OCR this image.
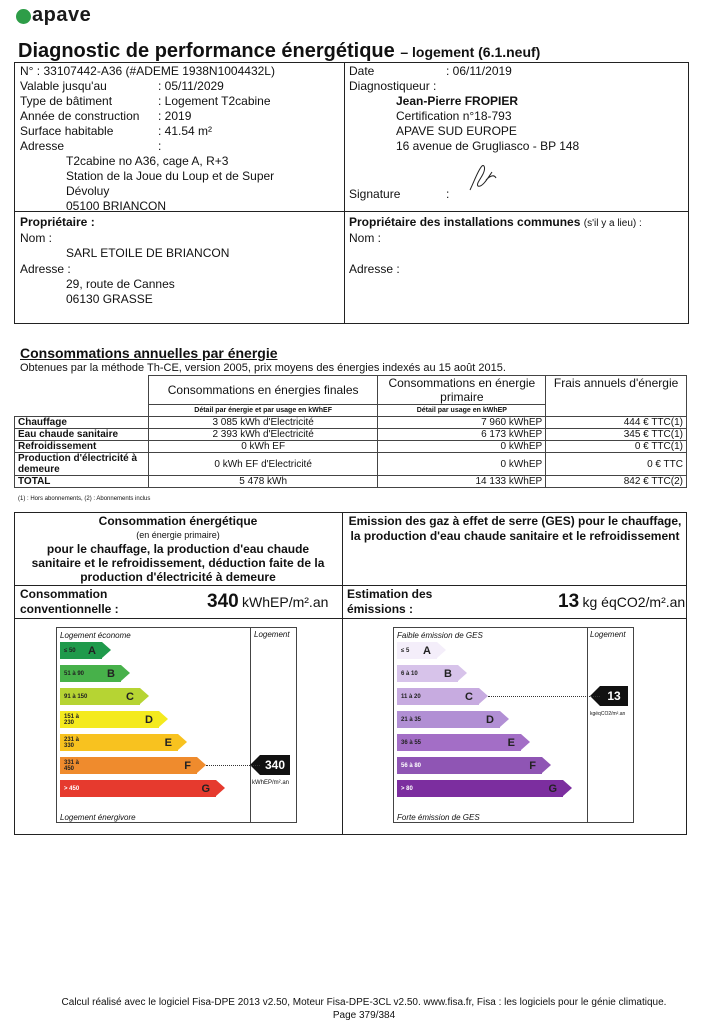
apave
Diagnostic de performance énergétique – logement (6.1.neuf)
N° : 33107442-A36 (#ADEME 1938N1004432L)
Valable jusqu'au	: 05/11/2029
Type de bâtiment	: Logement T2cabine
Année de construction : 2019
Surface habitable	: 41.54 m²
Adresse	:
T2cabine no A36, cage A, R+3
Station de la Joue du Loup et de Super
Dévoluy
05100 BRIANCON
Date	: 06/11/2019
Diagnostiqueur :
Jean-Pierre FROPIER
Certification n°18-793
APAVE SUD EUROPE
16 avenue de Grugliasco - BP 148
Signature	:
Propriétaire :
Nom :
SARL ETOILE DE BRIANCON
Adresse :
29, route de Cannes
06130 GRASSE
Propriétaire des installations communes (s'il y a lieu) :
Nom :
Adresse :
Consommations annuelles par énergie
Obtenues par la méthode Th-CE, version 2005, prix moyens des énergies indexés au 15 août 2015.
	Consommations en énergies finales	Consommations en énergie primaire	Frais annuels d'énergie
	Détail par énergie et par usage en kWhEF	Détail par usage en kWhEP	
Chauffage	3 085 kWh d'Electricité	7 960 kWhEP	444 € TTC(1)
Eau chaude sanitaire	2 393 kWh d'Electricité	6 173 kWhEP	345 € TTC(1)
Refroidissement	0 kWh EF	0 kWhEP	0 € TTC(1)
Production d'électricité à demeure	0 kWh EF d'Electricité	0 kWhEP	0 € TTC
TOTAL	5 478 kWh	14 133 kWhEP	842 € TTC(2)
(1) : Hors abonnements, (2) : Abonnements inclus
Consommation énergétique
(en énergie primaire)
pour le chauffage, la production d'eau chaude
sanitaire et le refroidissement, déduction faite de la
production d'électricité à demeure
Consommation
conventionnelle :	340 kWhEP/m².an
Emission des gaz à effet de serre (GES) pour le chauffage, la production d'eau chaude sanitaire et le refroidissement
Estimation des
émissions :	13 kg éqCO2/m².an
Logement économe
Logement énergivore
Logement
≤ 50	A
51 à 90	B
91 à 150	C
151 à 230	D
231 à 330	E
331 à 450	F
> 450	G
340
kWhEP/m².an
Faible émission de GES
Forte émission de GES
Logement
≤ 5	A
6 à 10	B
11 à 20	C
21 à 35	D
36 à 55	E
56 à 80	F
> 80	G
13
kgéqCO2/m².an
Calcul réalisé avec le logiciel Fisa-DPE 2013 v2.50, Moteur Fisa-DPE-3CL v2.50. www.fisa.fr, Fisa : les logiciels pour le génie climatique.
Page 379/384
